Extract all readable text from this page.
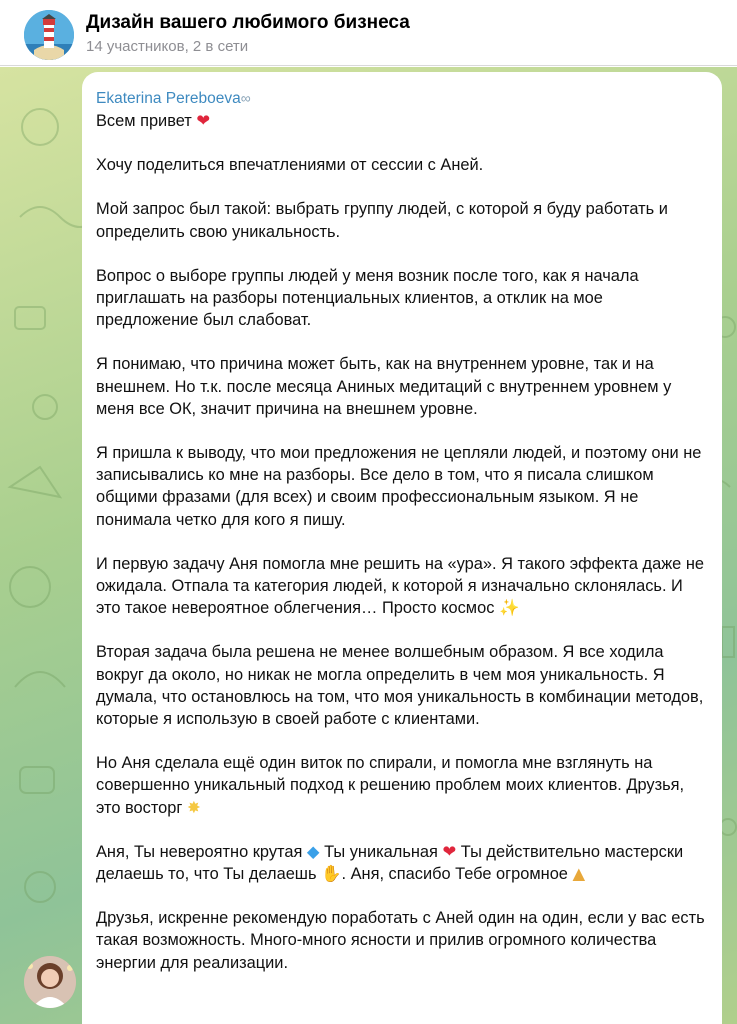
Дизайн вашего любимого бизнеса
14 участников, 2 в сети
Ekaterina Pereboeva∞
Всем привет ❤
Хочу поделиться впечатлениями от сессии с Аней.
Мой запрос был такой: выбрать группу людей, с которой я буду работать и определить свою уникальность.
Вопрос о выборе группы людей у меня возник после того, как я начала приглашать на разборы потенциальных клиентов, а отклик на мое предложение был слабоват.
Я понимаю, что причина может быть, как на внутреннем уровне, так и на внешнем. Но т.к. после месяца Аниных медитаций с внутреннем уровнем у меня все ОК, значит причина на внешнем уровне.
Я пришла к выводу, что мои предложения не цепляли людей, и поэтому они не записывались ко мне на разборы. Все дело в том, что я писала слишком общими фразами (для всех) и своим профессиональным языком. Я не понимала четко для кого я пишу.
И первую задачу Аня помогла мне решить на «ура». Я такого эффекта даже не ожидала. Отпала та категория людей, к которой я изначально склонялась. И это такое невероятное облегчения… Просто космос ✨
Вторая задача была решена не менее волшебным образом. Я все ходила вокруг да около, но никак не могла определить в чем моя уникальность. Я думала, что остановлюсь на том, что моя уникальность в комбинации методов, которые я использую в своей работе с клиентами.
Но Аня сделала ещё один виток по спирали, и помогла мне взглянуть на совершенно уникальный подход к решению проблем моих клиентов. Друзья, это восторг ✸
Аня, Ты невероятно крутая ◆ Ты уникальная ❤ Ты действительно мастерски делаешь то, что Ты делаешь ✋. Аня, спасибо Тебе огромное ▲
Друзья, искренне рекомендую поработать с Аней один на один, если у вас есть такая возможность. Много-много ясности и прилив огромного количества энергии для реализации.
